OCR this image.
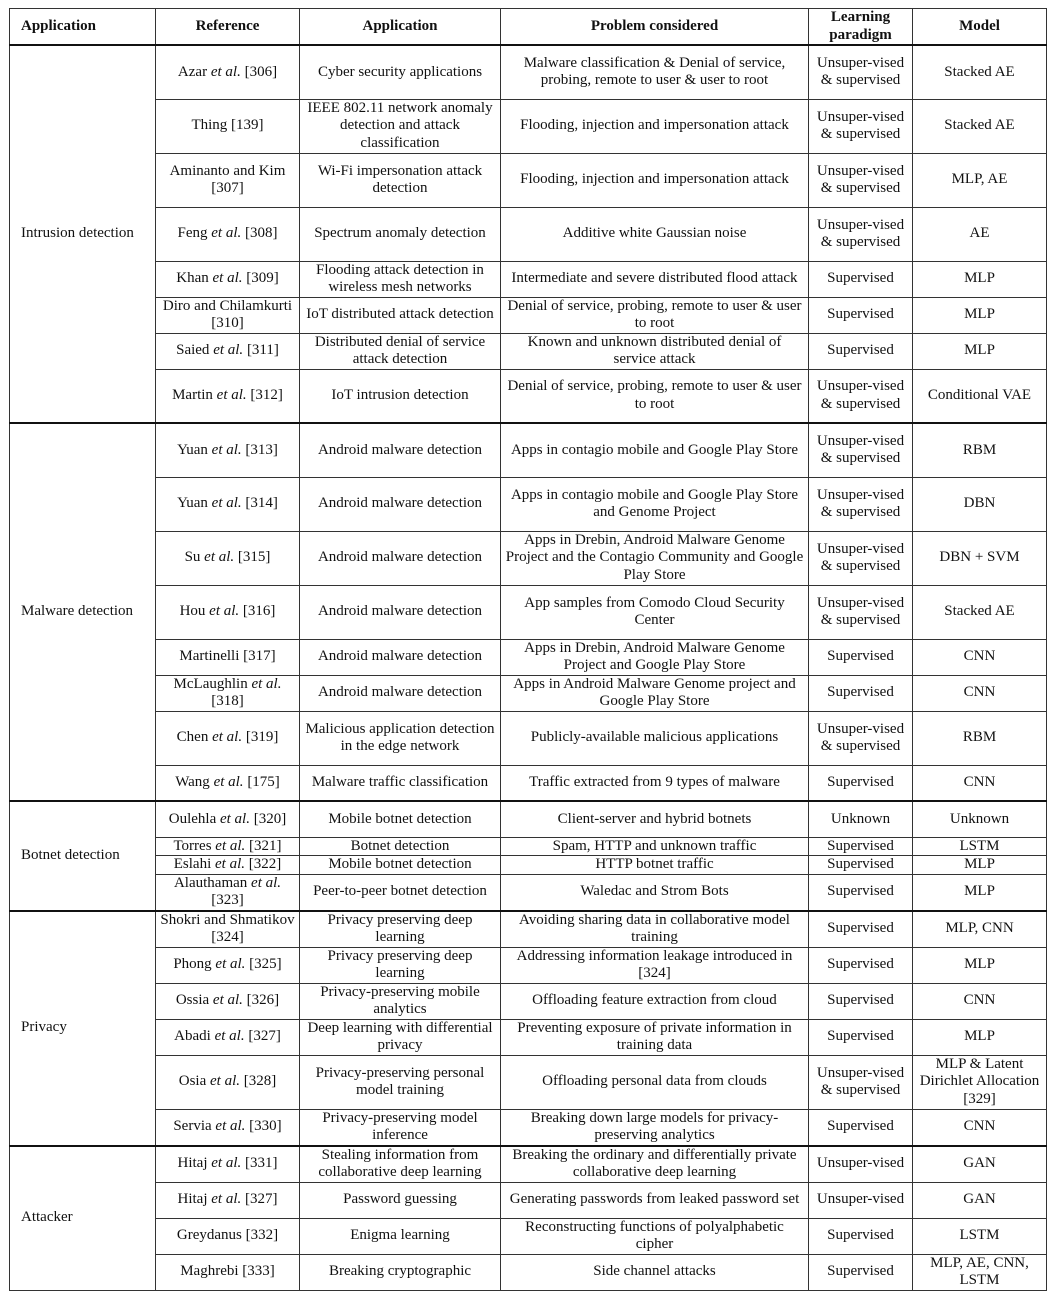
Application	Reference	Application	Problem considered	Learning paradigm	Model
Intrusion detection	Azar et al. [306]	Cyber security applications	Malware classification & Denial of service, probing, remote to user & user to root	Unsuper-vised & supervised	Stacked AE
	Thing [139]	IEEE 802.11 network anomaly detection and attack classification	Flooding, injection and impersonation attack	Unsuper-vised & supervised	Stacked AE
	Aminanto and Kim [307]	Wi-Fi impersonation attack detection	Flooding, injection and impersonation attack	Unsuper-vised & supervised	MLP, AE
	Feng et al. [308]	Spectrum anomaly detection	Additive white Gaussian noise	Unsuper-vised & supervised	AE
	Khan et al. [309]	Flooding attack detection in wireless mesh networks	Intermediate and severe distributed flood attack	Supervised	MLP
	Diro and Chilamkurti [310]	IoT distributed attack detection	Denial of service, probing, remote to user & user to root	Supervised	MLP
	Saied et al. [311]	Distributed denial of service attack detection	Known and unknown distributed denial of service attack	Supervised	MLP
	Martin et al. [312]	IoT intrusion detection	Denial of service, probing, remote to user & user to root	Unsuper-vised & supervised	Conditional VAE
Malware detection	Yuan et al. [313]	Android malware detection	Apps in contagio mobile and Google Play Store	Unsuper-vised & supervised	RBM
	Yuan et al. [314]	Android malware detection	Apps in contagio mobile and Google Play Store and Genome Project	Unsuper-vised & supervised	DBN
	Su et al. [315]	Android malware detection	Apps in Drebin, Android Malware Genome Project and the Contagio Community and Google Play Store	Unsuper-vised & supervised	DBN + SVM
	Hou et al. [316]	Android malware detection	App samples from Comodo Cloud Security Center	Unsuper-vised & supervised	Stacked AE
	Martinelli [317]	Android malware detection	Apps in Drebin, Android Malware Genome Project and Google Play Store	Supervised	CNN
	McLaughlin et al. [318]	Android malware detection	Apps in Android Malware Genome project and Google Play Store	Supervised	CNN
	Chen et al. [319]	Malicious application detection in the edge network	Publicly-available malicious applications	Unsuper-vised & supervised	RBM
	Wang et al. [175]	Malware traffic classification	Traffic extracted from 9 types of malware	Supervised	CNN
Botnet detection	Oulehla et al. [320]	Mobile botnet detection	Client-server and hybrid botnets	Unknown	Unknown
	Torres et al. [321]	Botnet detection	Spam, HTTP and unknown traffic	Supervised	LSTM
	Eslahi et al. [322]	Mobile botnet detection	HTTP botnet traffic	Supervised	MLP
	Alauthaman et al. [323]	Peer-to-peer botnet detection	Waledac and Strom Bots	Supervised	MLP
Privacy	Shokri and Shmatikov [324]	Privacy preserving deep learning	Avoiding sharing data in collaborative model training	Supervised	MLP, CNN
	Phong et al. [325]	Privacy preserving deep learning	Addressing information leakage introduced in [324]	Supervised	MLP
	Ossia et al. [326]	Privacy-preserving mobile analytics	Offloading feature extraction from cloud	Supervised	CNN
	Abadi et al. [327]	Deep learning with differential privacy	Preventing exposure of private information in training data	Supervised	MLP
	Osia et al. [328]	Privacy-preserving personal model training	Offloading personal data from clouds	Unsuper-vised & supervised	MLP & Latent Dirichlet Allocation [329]
	Servia et al. [330]	Privacy-preserving model inference	Breaking down large models for privacy-preserving analytics	Supervised	CNN
Attacker	Hitaj et al. [331]	Stealing information from collaborative deep learning	Breaking the ordinary and differentially private collaborative deep learning	Unsuper-vised	GAN
	Hitaj et al. [327]	Password guessing	Generating passwords from leaked password set	Unsuper-vised	GAN
	Greydanus [332]	Enigma learning	Reconstructing functions of polyalphabetic cipher	Supervised	LSTM
	Maghrebi [333]	Breaking cryptographic	Side channel attacks	Supervised	MLP, AE, CNN, LSTM
